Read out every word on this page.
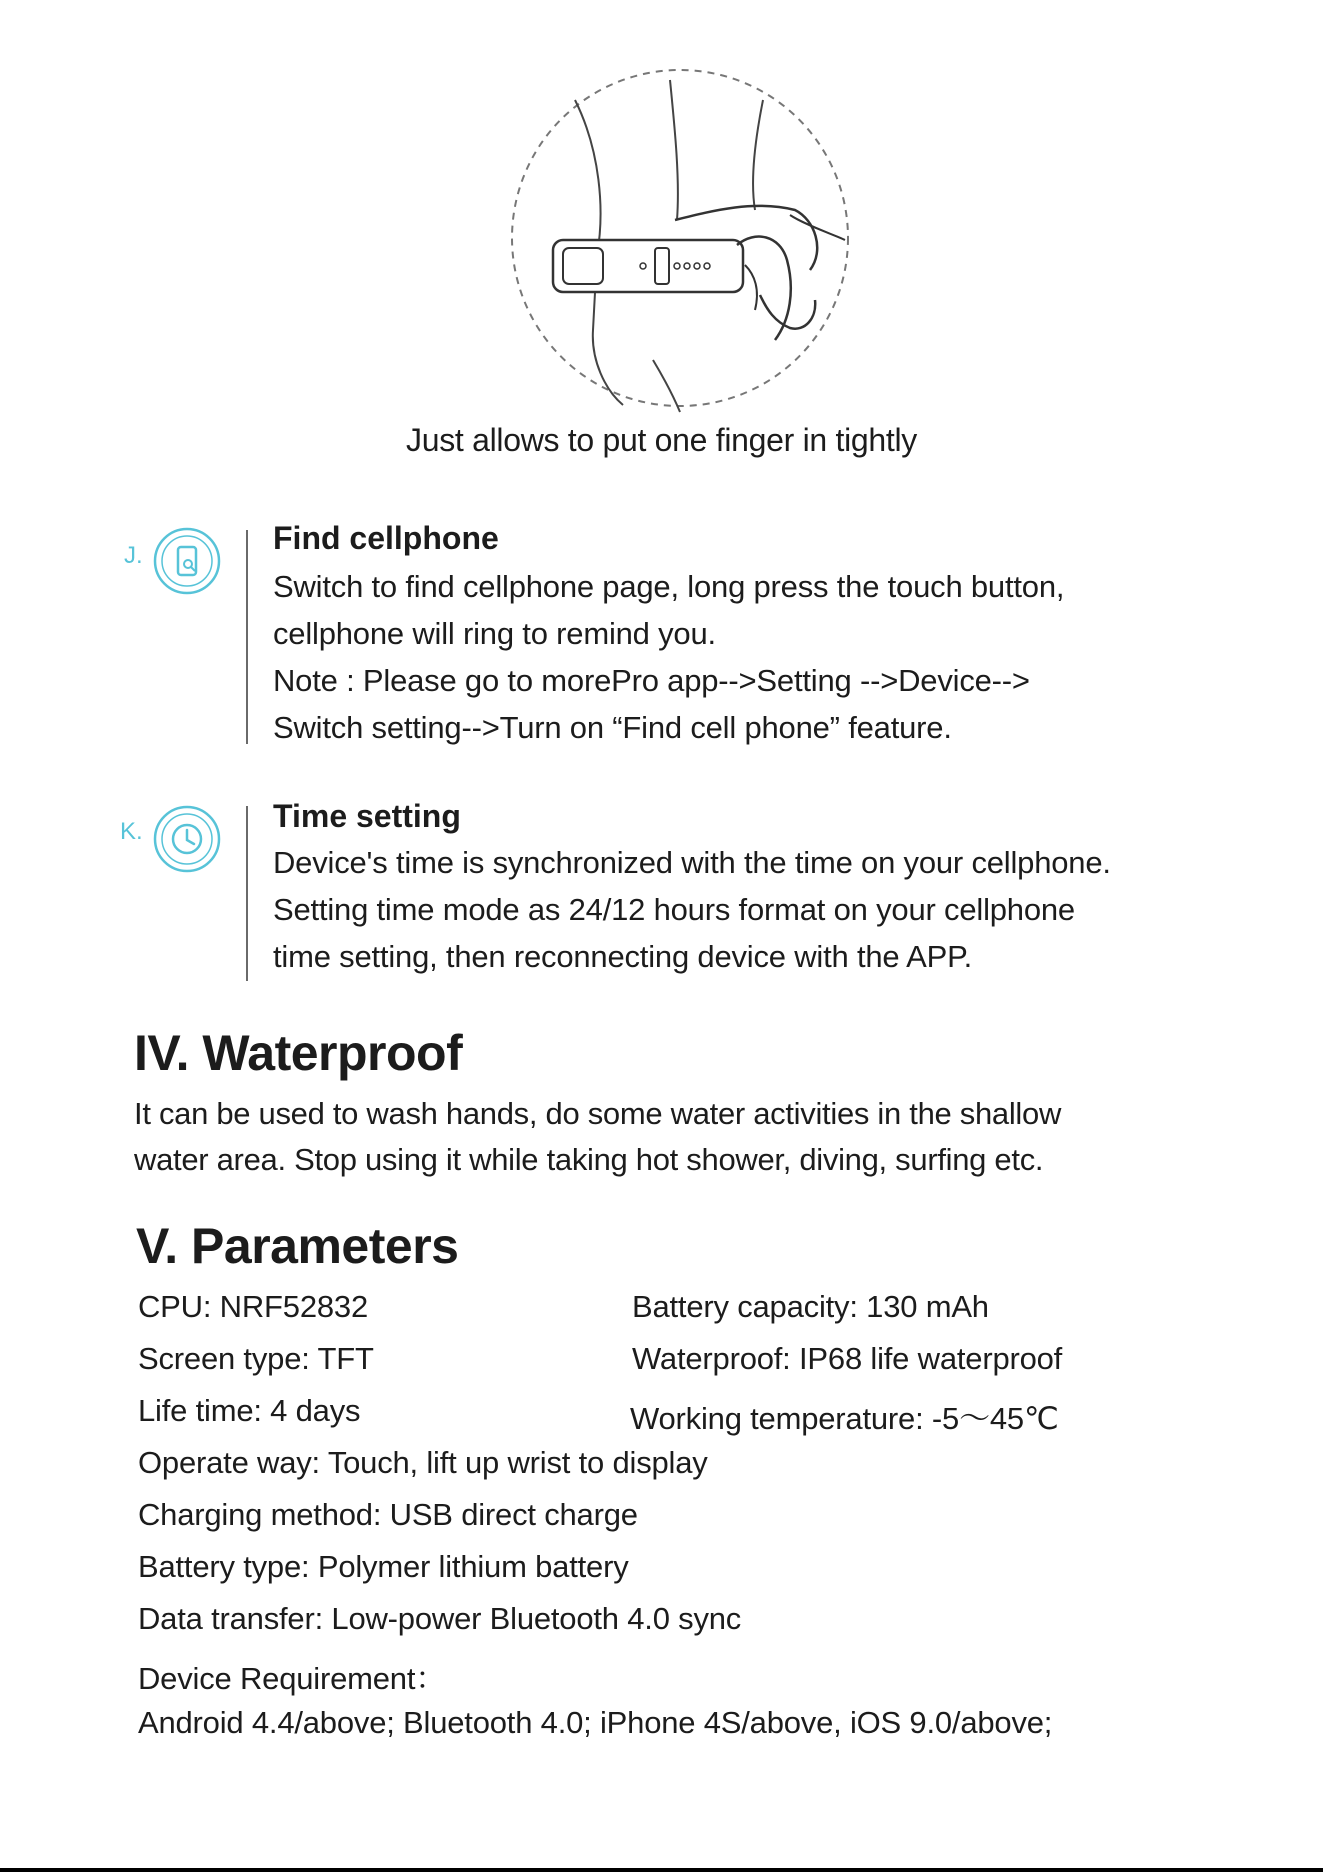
Just allows to put one finger in tightly
J.	Find cellphone
Switch to find cellphone page, long press the touch button,
cellphone will ring to remind you.
Note : Please go to morePro app-->Setting -->Device-->
Switch setting-->Turn on “Find cell phone” feature.
K.	Time setting
Device's time is synchronized with the time on your cellphone.
Setting time mode as 24/12 hours format on your cellphone
time setting, then reconnecting device with the APP.
IV. Waterproof
It can be used to wash hands, do some water activities in the shallow
water area. Stop using it while taking hot shower, diving, surfing etc.
V. Parameters
CPU: NRF52832	Battery capacity: 130 mAh
Screen type: TFT	Waterproof: IP68 life waterproof
Life time: 4 days	Working temperature: -5～45℃
Operate way: Touch, lift up wrist to display
Charging method: USB direct charge
Battery type: Polymer lithium battery
Data transfer: Low-power Bluetooth 4.0 sync
Device Requirement：
Android 4.4/above; Bluetooth 4.0; iPhone 4S/above, iOS 9.0/above;
